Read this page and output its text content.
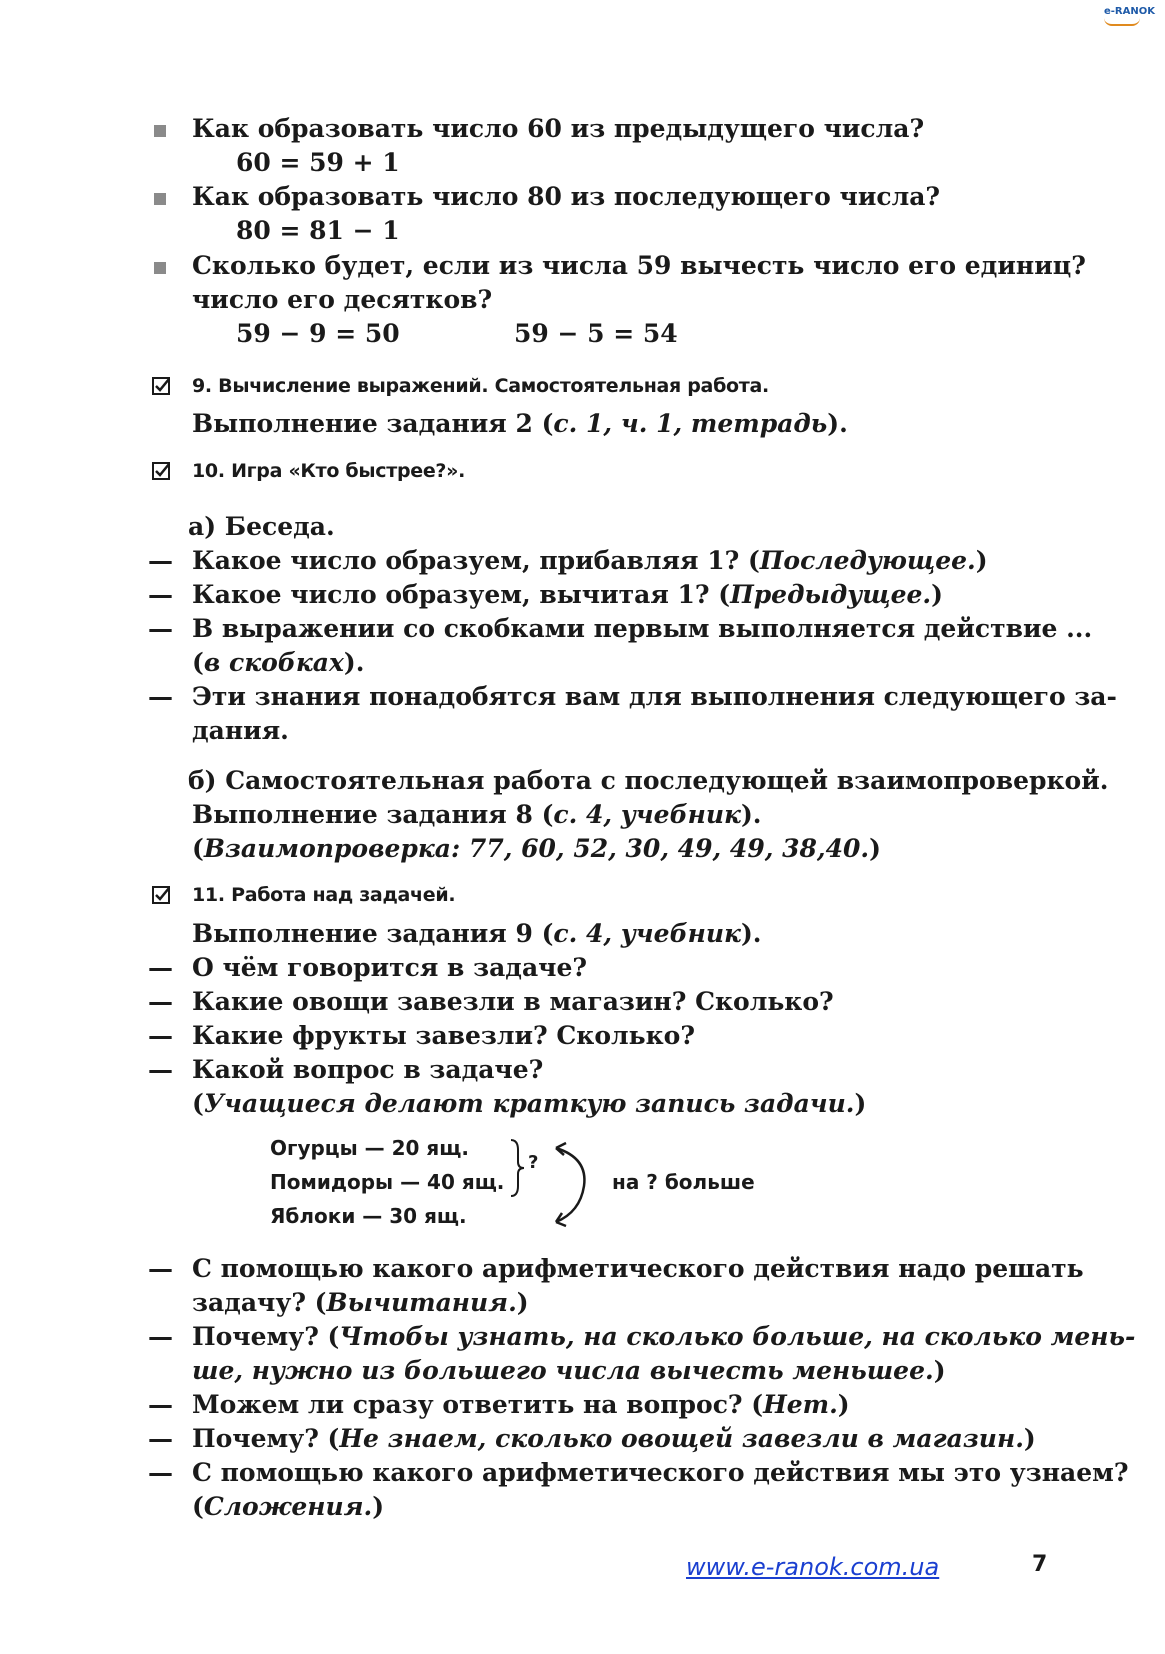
e-RANOK
Как образовать число 60 из предыдущего числа?
60 = 59 + 1
Как образовать число 80 из последующего числа?
80 = 81 − 1
Сколько будет, если из числа 59 вычесть число его единиц?
число его десятков?
59 − 9 = 50	59 − 5 = 54
9. Вычисление выражений. Самостоятельная работа.
Выполнение задания 2 (с. 1, ч. 1, тетрадь).
10. Игра «Кто быстрее?».
а) Беседа.
— Какое число образуем, прибавляя 1? (Последующее.)
— Какое число образуем, вычитая 1? (Предыдущее.)
— В выражении со скобками первым выполняется действие ...
(в скобках).
— Эти знания понадобятся вам для выполнения следующего за-
дания.
б) Самостоятельная работа с последующей взаимопроверкой.
Выполнение задания 8 (с. 4, учебник).
(Взаимопроверка: 77, 60, 52, 30, 49, 49, 38,40.)
11. Работа над задачей.
Выполнение задания 9 (с. 4, учебник).
— О чём говорится в задаче?
— Какие овощи завезли в магазин? Сколько?
— Какие фрукты завезли? Сколько?
— Какой вопрос в задаче?
(Учащиеся делают краткую запись задачи.)
Огурцы — 20 ящ.
Помидоры — 40 ящ.
Яблоки — 30 ящ.
?
на ? больше
— С помощью какого арифметического действия надо решать
задачу? (Вычитания.)
— Почему? (Чтобы узнать, на сколько больше, на сколько мень-
ше, нужно из большего числа вычесть меньшее.)
— Можем ли сразу ответить на вопрос? (Нет.)
— Почему? (Не знаем, сколько овощей завезли в магазин.)
— С помощью какого арифметического действия мы это узнаем?
(Сложения.)
www.e-ranok.com.ua	7
